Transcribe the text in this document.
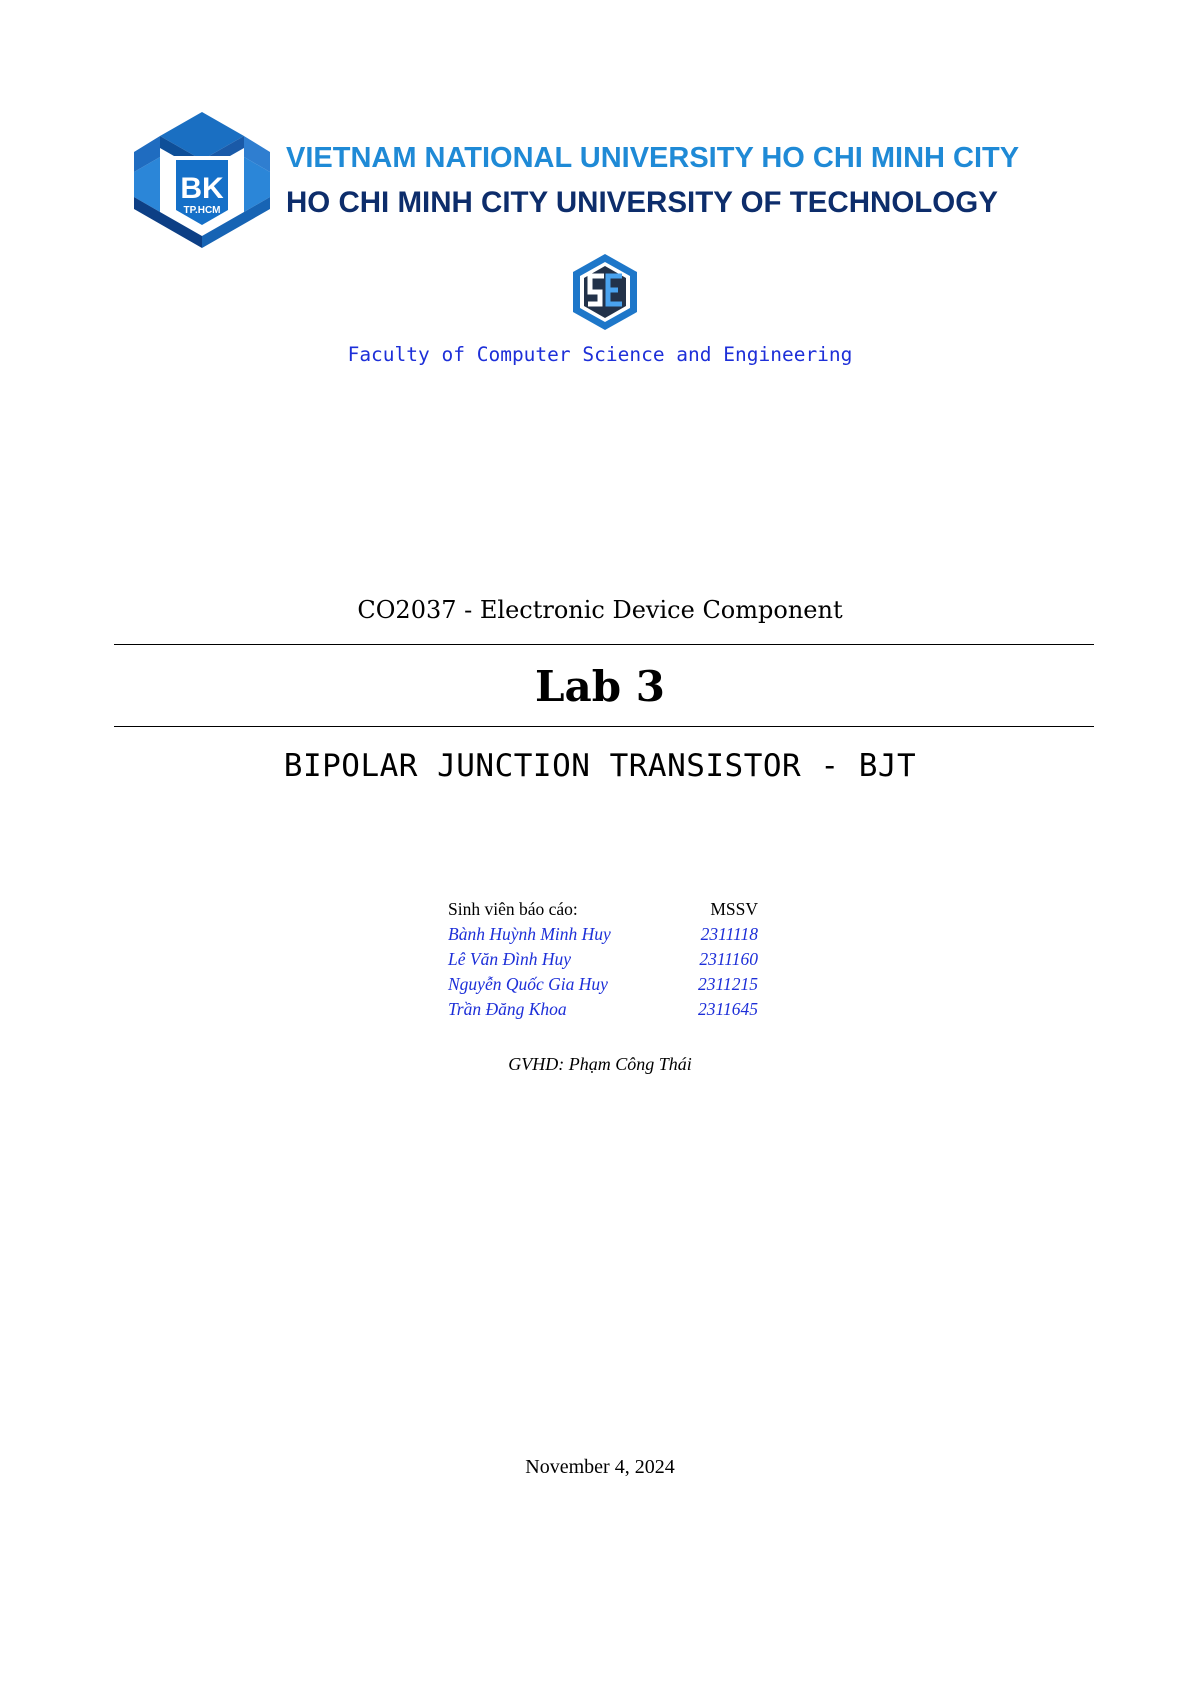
BK
TP.HCM
VIETNAM NATIONAL UNIVERSITY HO CHI MINH CITY
HO CHI MINH CITY UNIVERSITY OF TECHNOLOGY
Faculty of Computer Science and Engineering
CO2037 - Electronic Device Component
Lab 3
BIPOLAR JUNCTION TRANSISTOR - BJT
Sinh viên báo cáo:	MSSV
Bành Huỳnh Minh Huy	2311118
Lê Văn Đình Huy	2311160
Nguyễn Quốc Gia Huy	2311215
Trần Đăng Khoa	2311645
GVHD: Phạm Công Thái
November 4, 2024
